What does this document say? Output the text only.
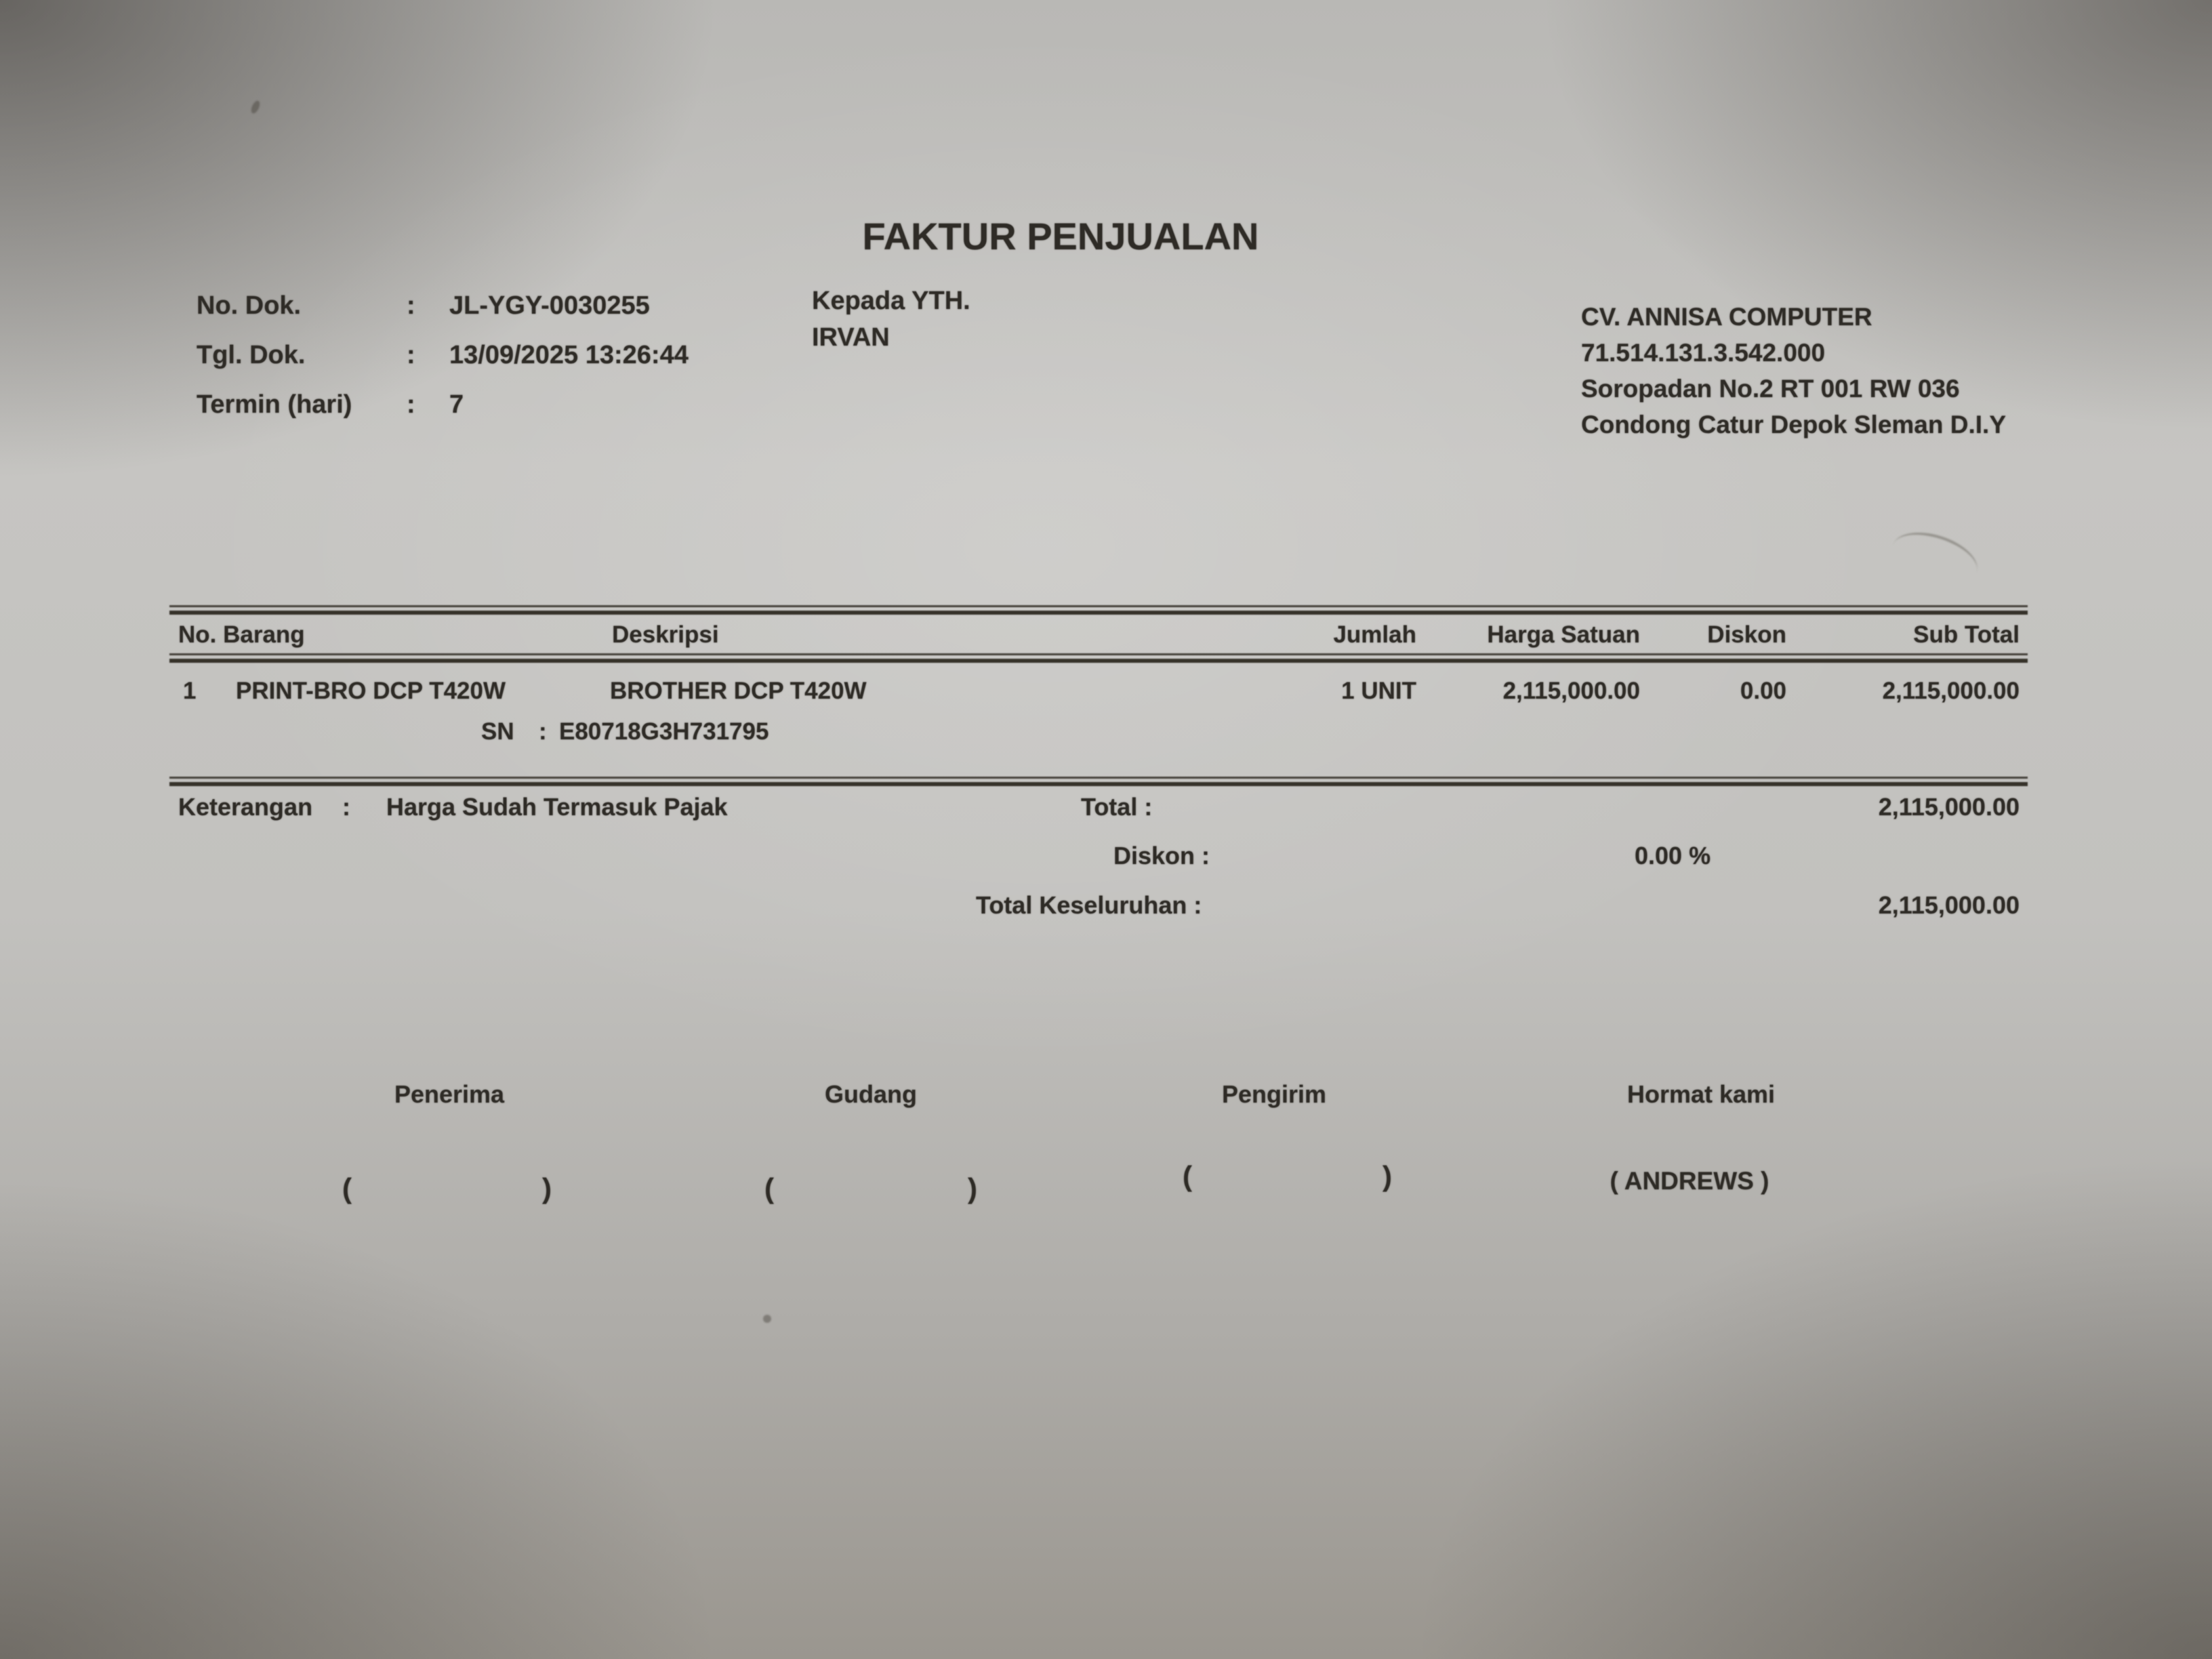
FAKTUR PENJUALAN
No. Dok.	: JL-YGY-0030255
Tgl. Dok.	: 13/09/2025 13:26:44
Termin (hari) : 7
Kepada YTH.
IRVAN
CV. ANNISA COMPUTER
71.514.131.3.542.000
Soropadan No.2 RT 001 RW 036
Condong Catur Depok Sleman D.I.Y
No. Barang	Deskripsi	Jumlah	Harga Satuan	Diskon	Sub Total
1 PRINT-BRO DCP T420W	BROTHER DCP T420W	1 UNIT	2,115,000.00	0.00	2,115,000.00
SN : E80718G3H731795
Keterangan : Harga Sudah Termasuk Pajak	Total :	2,115,000.00
Diskon :	0.00 %
Total Keseluruhan :	2,115,000.00
Penerima	Gudang	Pengirim	Hormat kami
(	)	(	)	(	)	( ANDREWS )
